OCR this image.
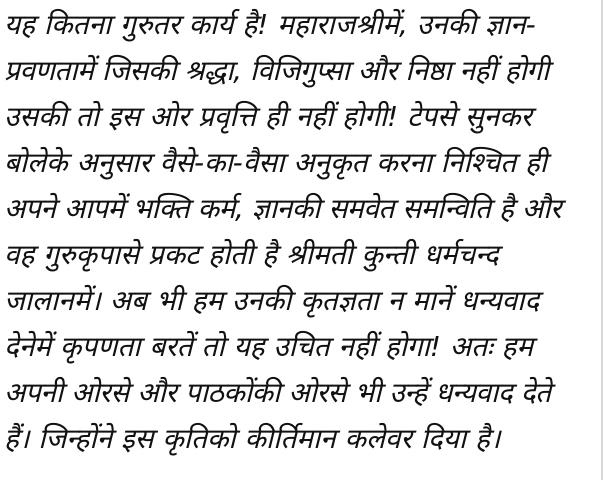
यह कितना गुरुतर कार्य है! महाराजश्रीमें, उनकी ज्ञान-
प्रवणतामें जिसकी श्रद्धा, विजिगुप्सा और निष्ठा नहीं होगी
उसकी तो इस ओर प्रवृत्ति ही नहीं होगी! टेपसे सुनकर
बोलेके अनुसार वैसे-का-वैसा अनुकृत करना निश्चित ही
अपने आपमें भक्ति कर्म, ज्ञानकी समवेत समन्विति है और
वह गुरुकृपासे प्रकट होती है श्रीमती कुन्ती धर्मचन्द
जालानमें। अब भी हम उनकी कृतज्ञता न मानें धन्यवाद
देनेमें कृपणता बरतें तो यह उचित नहीं होगा! अतः हम
अपनी ओरसे और पाठकोंकी ओरसे भी उन्हें धन्यवाद देते
हैं। जिन्होंने इस कृतिको कीर्तिमान कलेवर दिया है।
